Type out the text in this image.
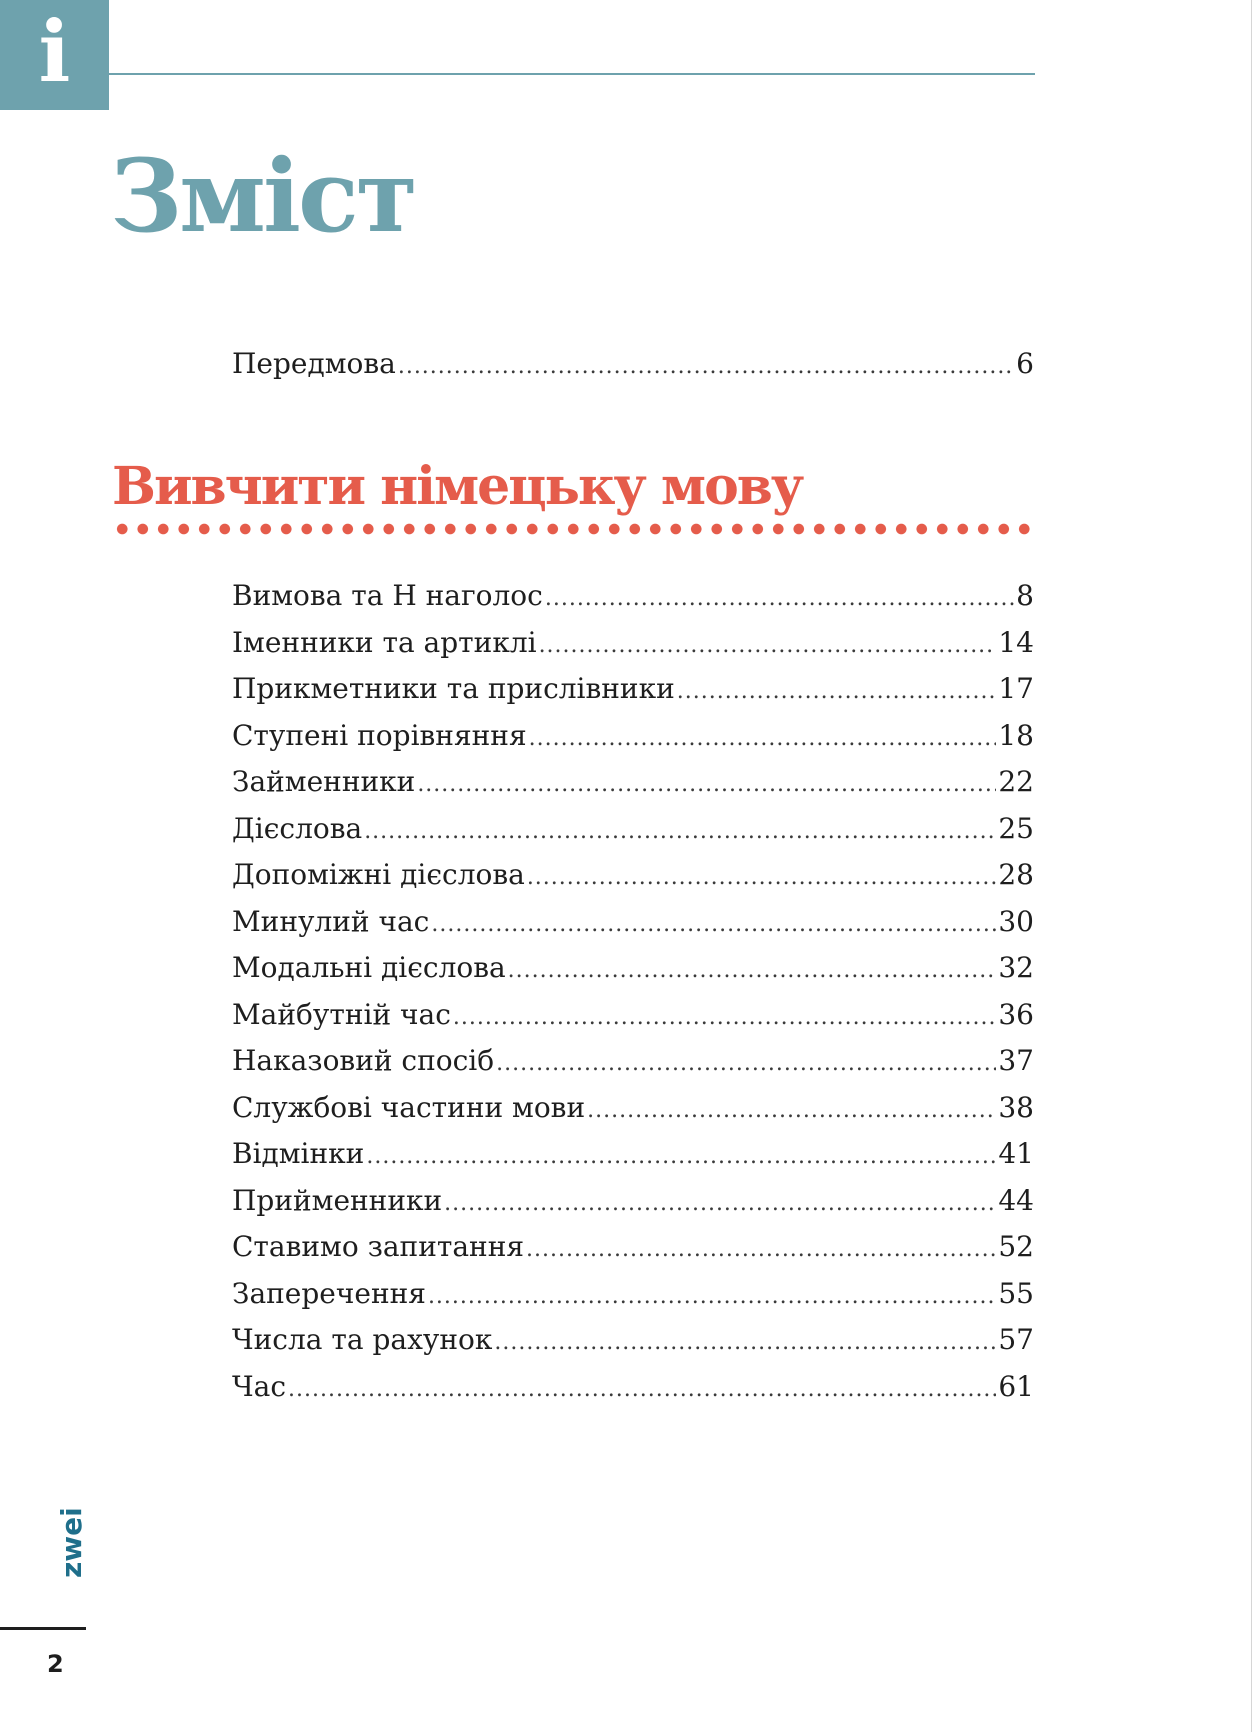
i
Зміст
Передмова .....	6
Вивчити німецьку мову
Вимова та Н наголос .....	8
Іменники та артиклі .....	14
Прикметники та прислівники .....	17
Ступені порівняння .....	18
Займенники .....	22
Дієслова .....	25
Допоміжні дієслова .....	28
Минулий час .....	30
Модальні дієслова .....	32
Майбутній час .....	36
Наказовий спосіб .....	37
Службові частини мови .....	38
Відмінки .....	41
Прийменники .....	44
Ставимо запитання .....	52
Заперечення .....	55
Числа та рахунок .....	57
Час .....	61
zwei
2
